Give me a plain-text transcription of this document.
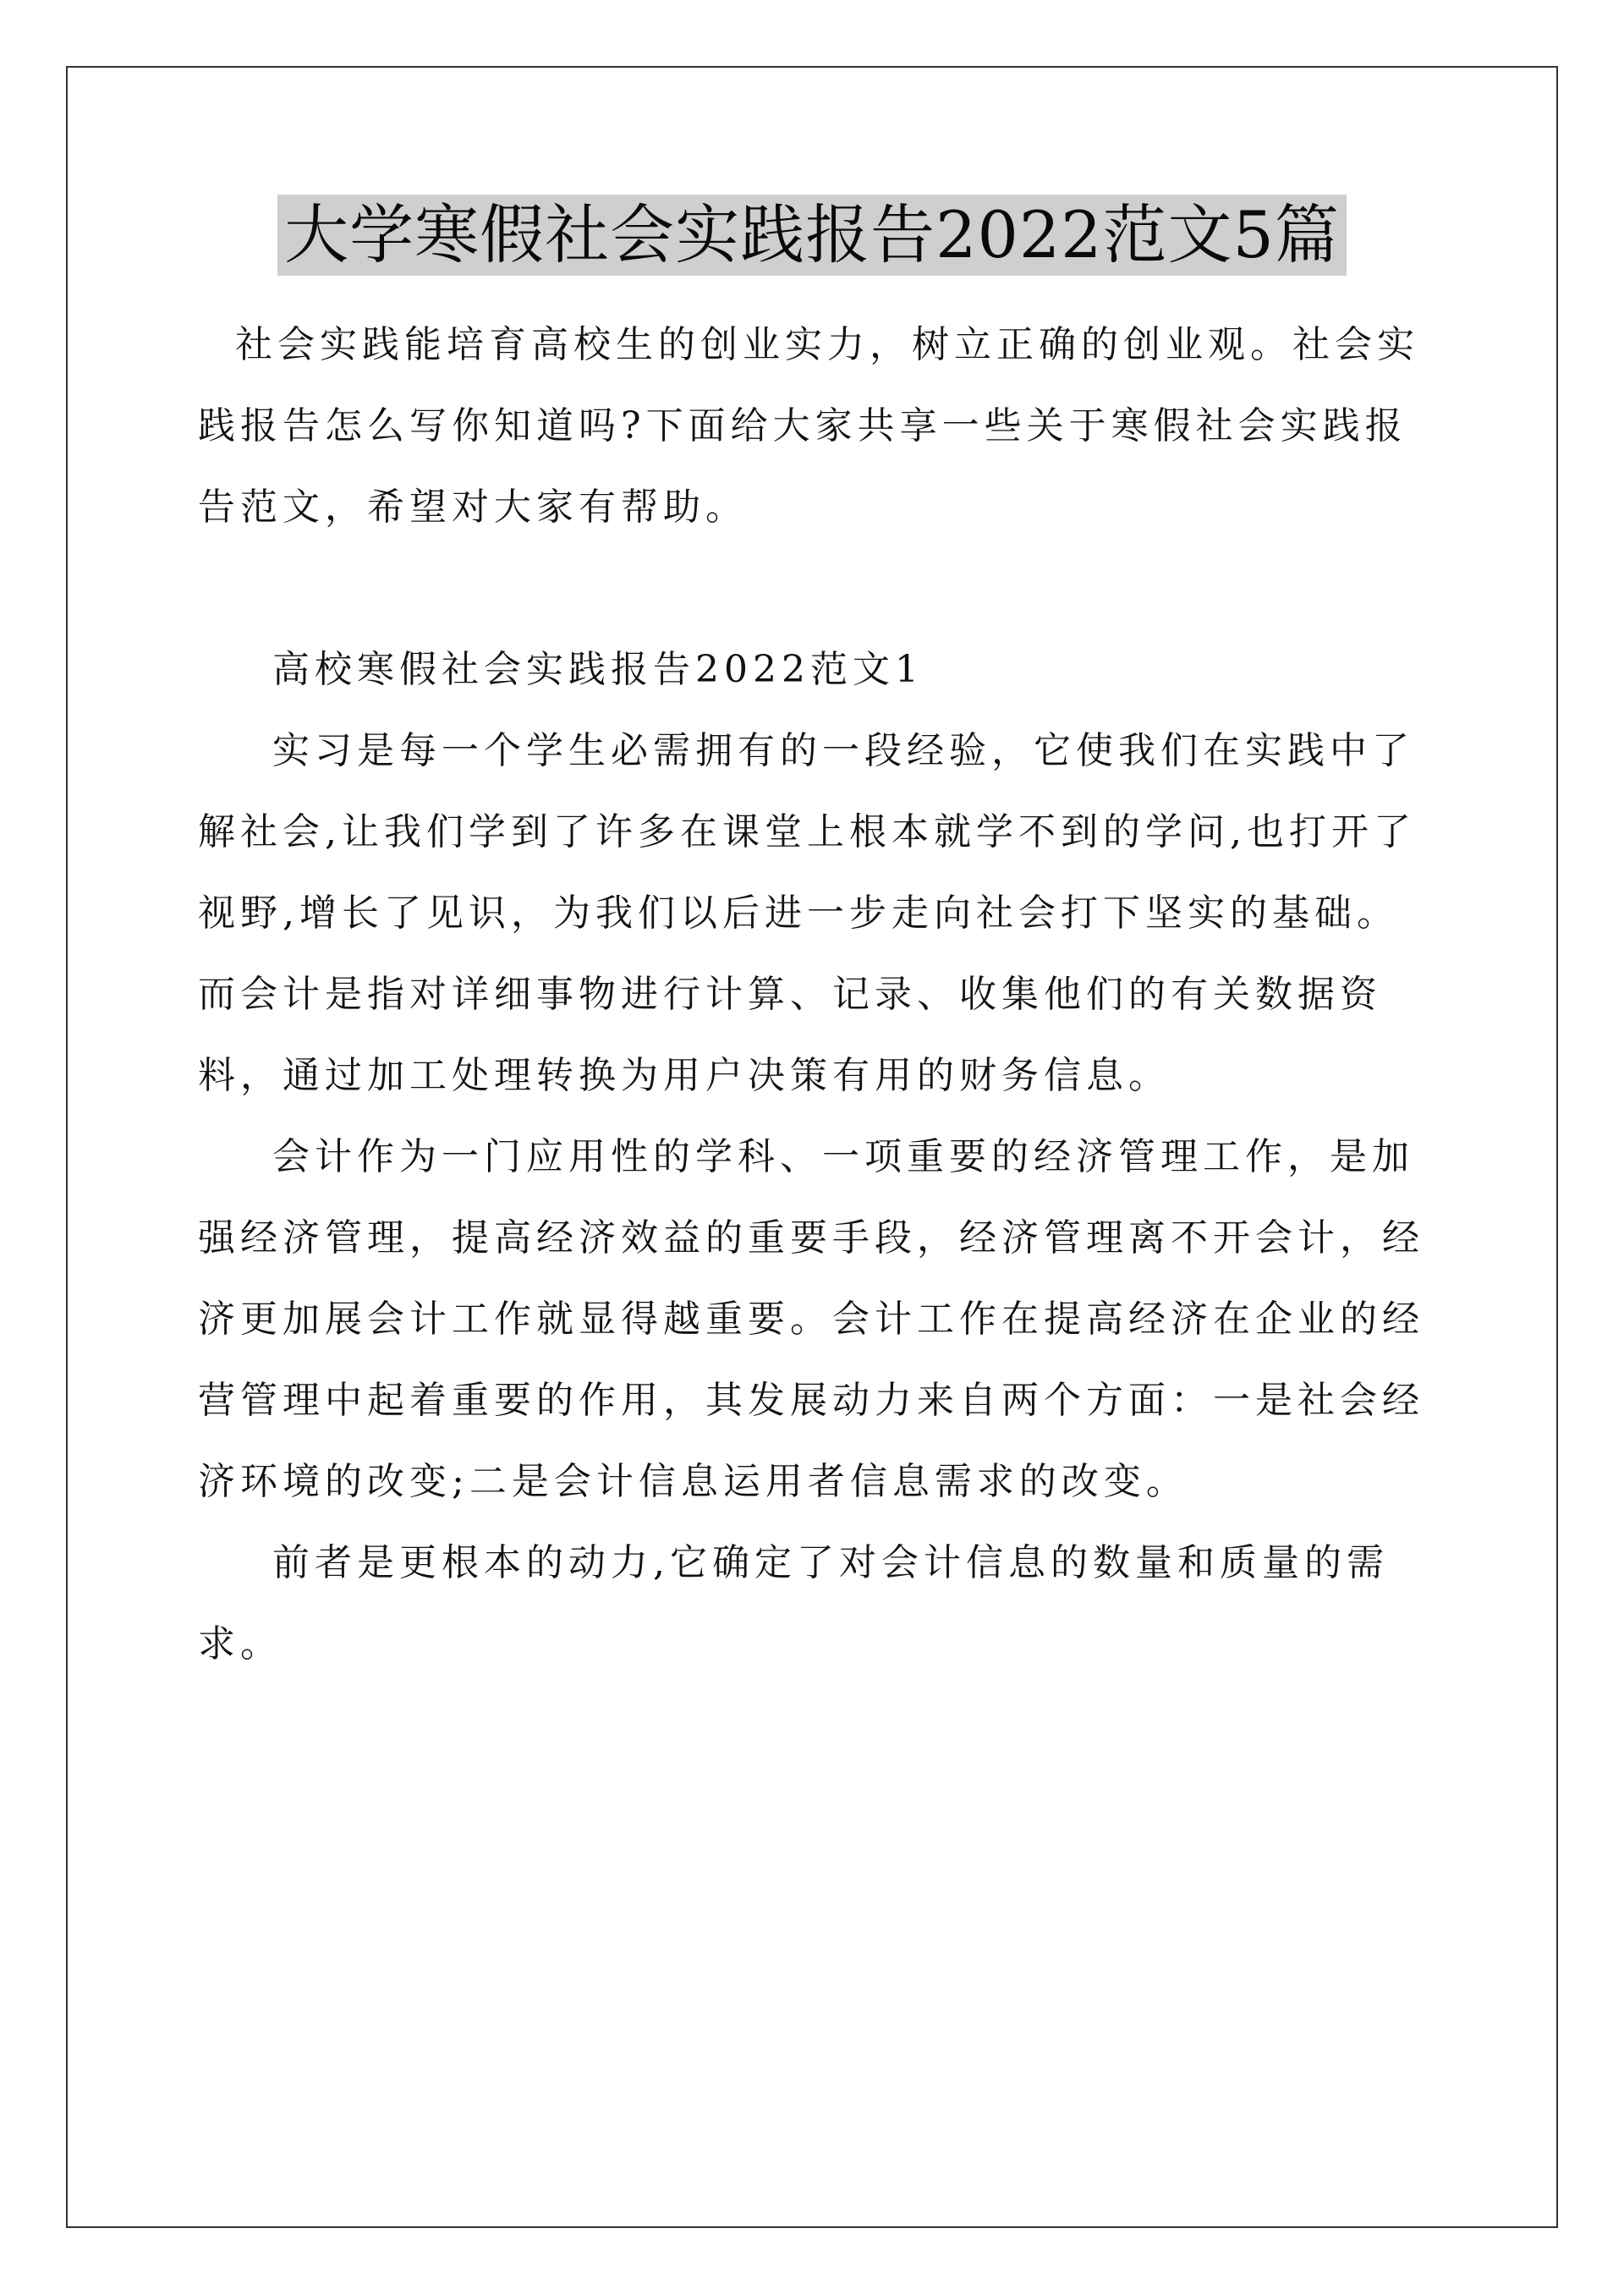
大学寒假社会实践报告2022范文5篇

社会实践能培育高校生的创业实力，树立正确的创业观。社会实践报告怎么写你知道吗?下面给大家共享一些关于寒假社会实践报告范文，希望对大家有帮助。

高校寒假社会实践报告2022范文1

实习是每一个学生必需拥有的一段经验，它使我们在实践中了解社会,让我们学到了许多在课堂上根本就学不到的学问,也打开了视野,增长了见识，为我们以后进一步走向社会打下坚实的基础。而会计是指对详细事物进行计算、记录、收集他们的有关数据资料，通过加工处理转换为用户决策有用的财务信息。

会计作为一门应用性的学科、一项重要的经济管理工作，是加强经济管理，提高经济效益的重要手段，经济管理离不开会计，经济更加展会计工作就显得越重要。会计工作在提高经济在企业的经营管理中起着重要的作用，其发展动力来自两个方面：一是社会经济环境的改变;二是会计信息运用者信息需求的改变。

前者是更根本的动力,它确定了对会计信息的数量和质量的需求。
